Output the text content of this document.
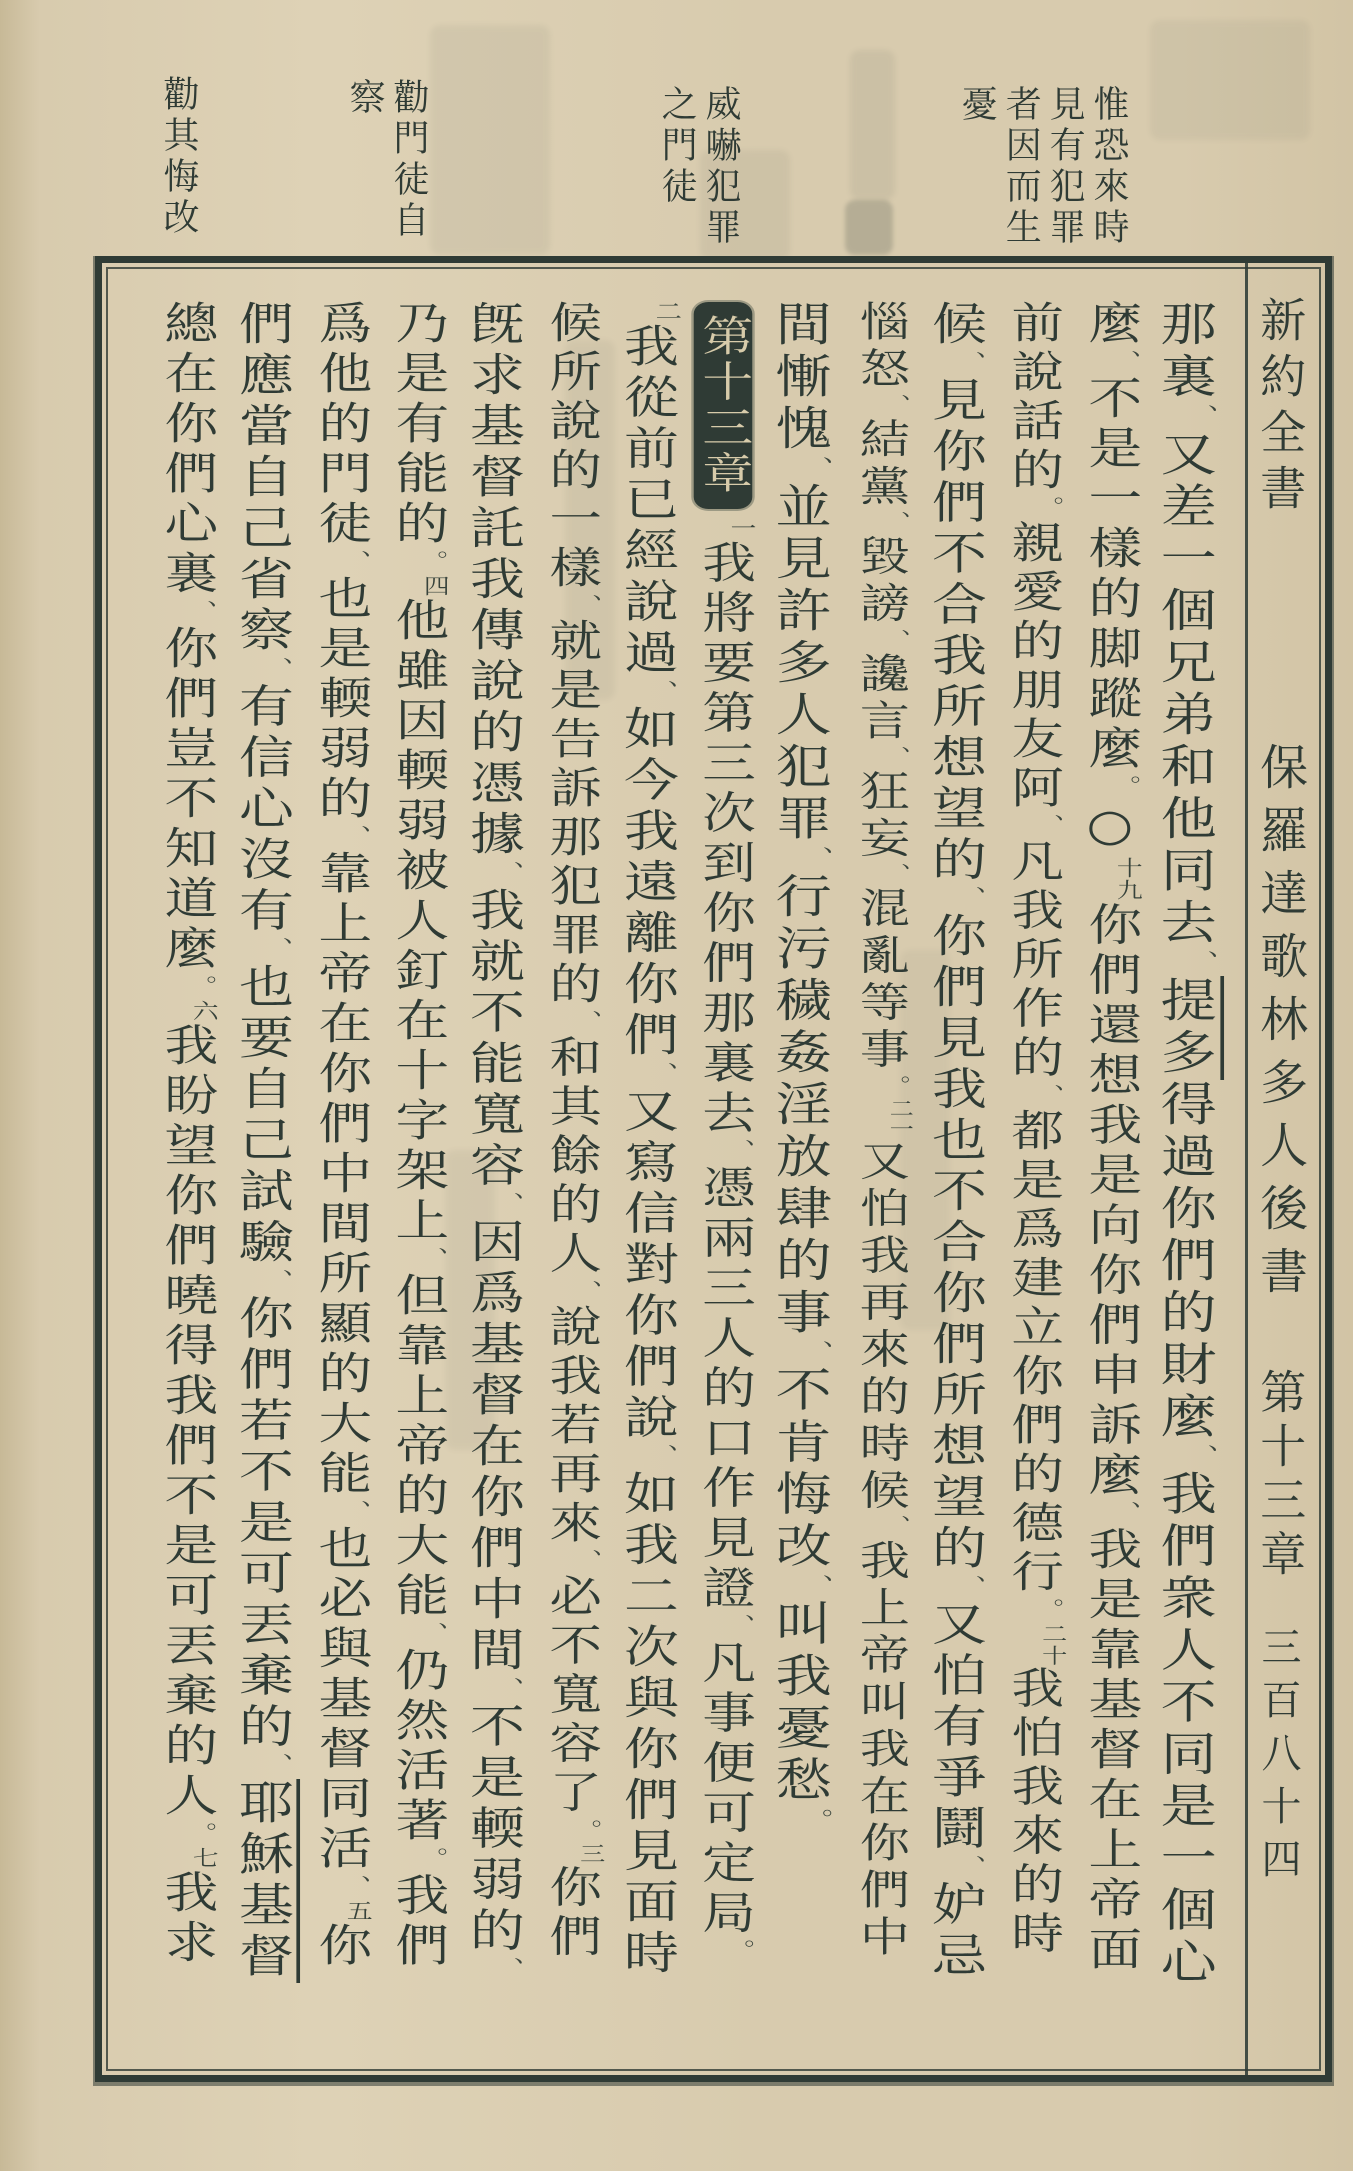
惟恐來時見有犯罪者因而生憂
威嚇犯罪之門徒
勸門徒自察
勸其悔改
新約全書
保羅達歌林多人後書
第十三章
三百八十四
那裏、又差一個兄弟和他同去、提多得過你們的財麼、我們衆人不同是一個心
麼、不是一樣的脚蹤麼。○十九你們還想我是向你們申訴麼、我是靠基督在上帝面
前說話的。親愛的朋友阿、凡我所作的、都是爲建立你們的德行。二十我怕我來的時
候、見你們不合我所想望的、你們見我也不合你們所想望的、又怕有爭鬪、妒忌
惱怒、結黨、毀謗、讒言、狂妄、混亂等事。二一又怕我再來的時候、我上帝叫我在你們中
間慚愧、並見許多人犯罪、行污穢姦淫放肆的事、不肯悔改、叫我憂愁。
第十三章一我將要第三次到你們那裏去、憑兩三人的口作見證、凡事便可定局。
二我從前已經說過、如今我遠離你們、又寫信對你們說、如我二次與你們見面時
候所說的一樣、就是告訴那犯罪的、和其餘的人、說我若再來、必不寬容了。三你們
旣求基督託我傳說的憑據、我就不能寬容、因爲基督在你們中間、不是輭弱的、
乃是有能的。四他雖因輭弱被人釘在十字架上、但靠上帝的大能、仍然活著。我們
爲他的門徒、也是輭弱的、靠上帝在你們中間所顯的大能、也必與基督同活、五你
們應當自己省察、有信心沒有、也要自己試驗、你們若不是可丟棄的、耶穌基督
總在你們心裏、你們豈不知道麼。六我盼望你們曉得我們不是可丟棄的人。七我求
